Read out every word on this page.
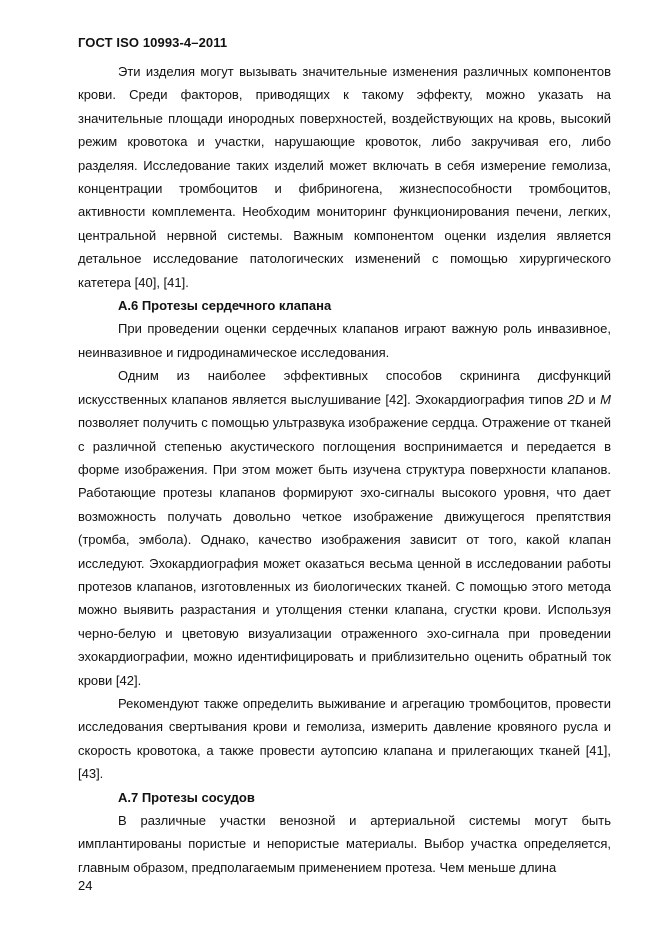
ГОСТ ISO 10993-4–2011

Эти изделия могут вызывать значительные изменения различных компонентов крови. Среди факторов, приводящих к такому эффекту, можно указать на значительные площади инородных поверхностей, воздействующих на кровь, высокий режим кровотока и участки, нарушающие кровоток, либо закручивая его, либо разделяя. Исследование таких изделий может включать в себя измерение гемолиза, концентрации тромбоцитов и фибриногена, жизнеспособности тромбоцитов, активности комплемента. Необходим мониторинг функционирования печени, легких, центральной нервной системы. Важным компонентом оценки изделия является детальное исследование патологических изменений с помощью хирургического катетера [40], [41].

А.6 Протезы сердечного клапана

При проведении оценки сердечных клапанов играют важную роль инвазивное, неинвазивное и гидродинамическое исследования.

Одним из наиболее эффективных способов скрининга дисфункций искусственных клапанов является выслушивание [42]. Эхокардиография типов 2D и M позволяет получить с помощью ультразвука изображение сердца. Отражение от тканей с различной степенью акустического поглощения воспринимается и передается в форме изображения. При этом может быть изучена структура поверхности клапанов. Работающие протезы клапанов формируют эхо-сигналы высокого уровня, что дает возможность получать довольно четкое изображение движущегося препятствия (тромба, эмбола). Однако, качество изображения зависит от того, какой клапан исследуют. Эхокардиография может оказаться весьма ценной в исследовании работы протезов клапанов, изготовленных из биологических тканей. С помощью этого метода можно выявить разрастания и утолщения стенки клапана, сгустки крови. Используя черно-белую и цветовую визуализации отраженного эхо-сигнала при проведении эхокардиографии, можно идентифицировать и приблизительно оценить обратный ток крови [42].

Рекомендуют также определить выживание и агрегацию тромбоцитов, провести исследования свертывания крови и гемолиза, измерить давление кровяного русла и скорость кровотока, а также провести аутопсию клапана и прилегающих тканей [41], [43].

А.7 Протезы сосудов

В различные участки венозной и артериальной системы могут быть имплантированы пористые и непористые материалы. Выбор участка определяется, главным образом, предполагаемым применением протеза. Чем меньше длина

24
